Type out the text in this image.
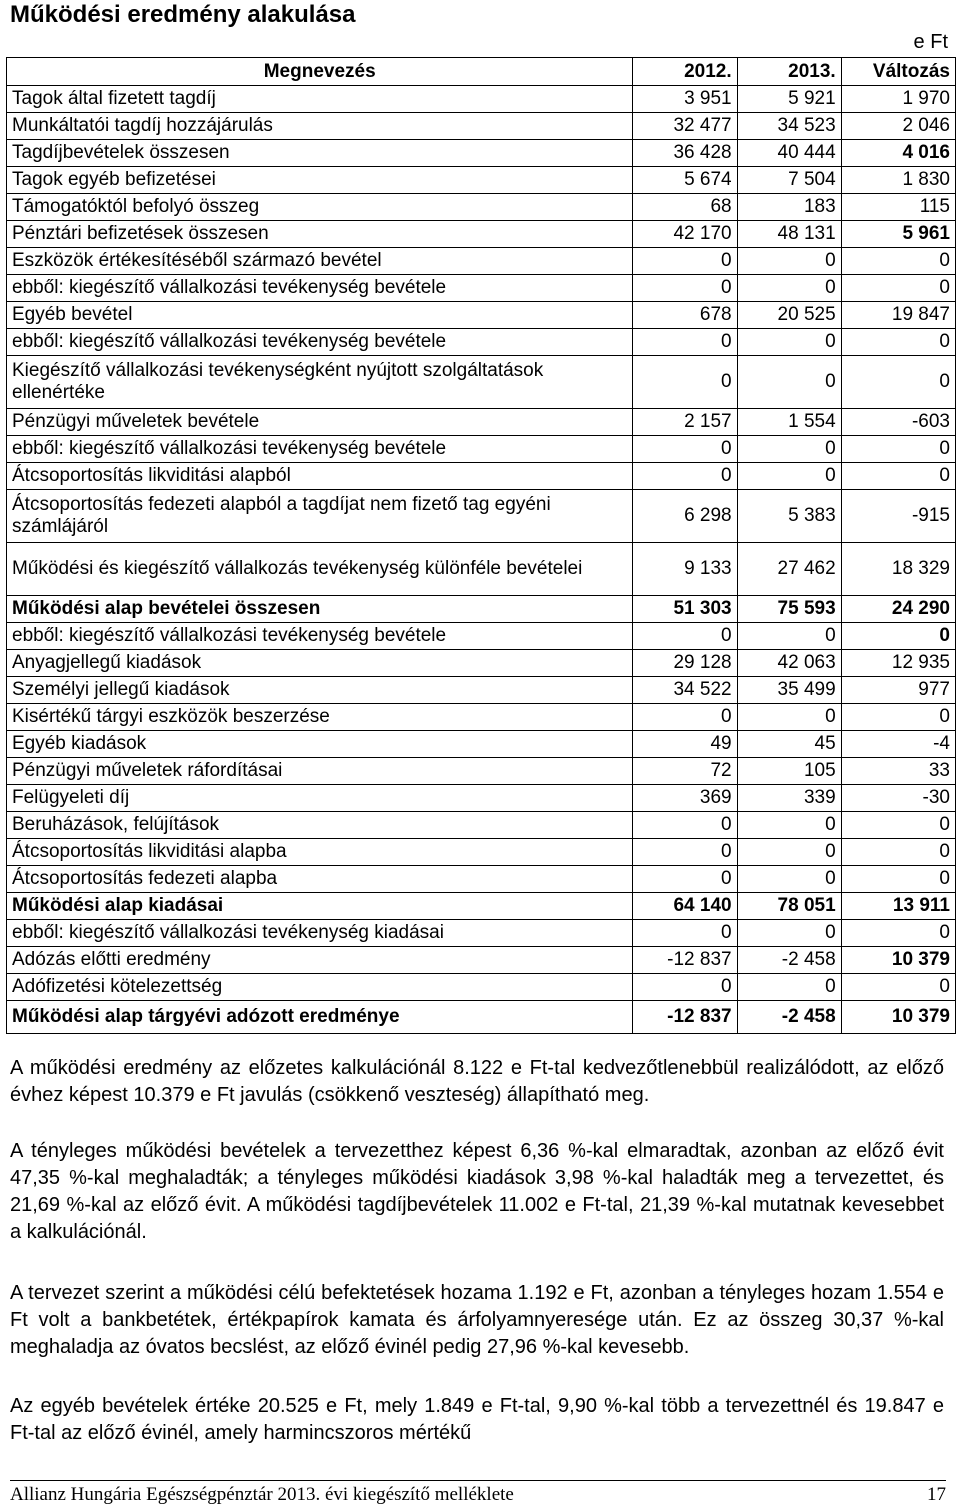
Működési eredmény alakulása
e Ft
Megnevezés	2012.	2013.	Változás
Tagok által fizetett tagdíj	3 951	5 921	1 970
Munkáltatói tagdíj hozzájárulás	32 477	34 523	2 046
Tagdíjbevételek összesen	36 428	40 444	4 016
Tagok egyéb befizetései	5 674	7 504	1 830
Támogatóktól befolyó összeg	68	183	115
Pénztári befizetések összesen	42 170	48 131	5 961
Eszközök értékesítéséből származó bevétel	0	0	0
ebből: kiegészítő vállalkozási tevékenység bevétele	0	0	0
Egyéb bevétel	678	20 525	19 847
ebből: kiegészítő vállalkozási tevékenység bevétele	0	0	0
Kiegészítő vállalkozási tevékenységként nyújtott szolgáltatások ellenértéke	0	0	0
Pénzügyi műveletek bevétele	2 157	1 554	-603
ebből: kiegészítő vállalkozási tevékenység bevétele	0	0	0
Átcsoportosítás likviditási alapból	0	0	0
Átcsoportosítás fedezeti alapból a tagdíjat nem fizető tag egyéni számlájáról	6 298	5 383	-915
Működési és kiegészítő vállalkozás tevékenység különféle bevételei	9 133	27 462	18 329
Működési alap bevételei összesen	51 303	75 593	24 290
ebből: kiegészítő vállalkozási tevékenység bevétele	0	0	0
Anyagjellegű kiadások	29 128	42 063	12 935
Személyi jellegű kiadások	34 522	35 499	977
Kisértékű tárgyi eszközök beszerzése	0	0	0
Egyéb kiadások	49	45	-4
Pénzügyi műveletek ráfordításai	72	105	33
Felügyeleti díj	369	339	-30
Beruházások, felújítások	0	0	0
Átcsoportosítás likviditási alapba	0	0	0
Átcsoportosítás fedezeti alapba	0	0	0
Működési alap kiadásai	64 140	78 051	13 911
ebből: kiegészítő vállalkozási tevékenység kiadásai	0	0	0
Adózás előtti eredmény	-12 837	-2 458	10 379
Adófizetési kötelezettség	0	0	0
Működési alap tárgyévi adózott eredménye	-12 837	-2 458	10 379
A működési eredmény az előzetes kalkulációnál 8.122 e Ft-tal kedvezőtlenebbül realizálódott, az előző évhez képest 10.379 e Ft javulás (csökkenő veszteség) állapítható meg.
A tényleges működési bevételek a tervezetthez képest 6,36 %-kal elmaradtak, azonban az előző évit 47,35 %-kal meghaladták; a tényleges működési kiadások 3,98 %-kal haladták meg a tervezettet, és 21,69 %-kal az előző évit. A működési tagdíjbevételek 11.002 e Ft-tal, 21,39 %-kal mutatnak kevesebbet a kalkulációnál.
A tervezet szerint a működési célú befektetések hozama 1.192 e Ft, azonban a tényleges hozam 1.554 e Ft volt a bankbetétek, értékpapírok kamata és árfolyamnyeresége után. Ez az összeg 30,37 %-kal meghaladja az óvatos becslést, az előző évinél pedig 27,96 %-kal kevesebb.
Az egyéb bevételek értéke 20.525 e Ft, mely 1.849 e Ft-tal, 9,90 %-kal több a tervezettnél és 19.847 e Ft-tal az előző évinél, amely harmincszoros mértékű
Allianz Hungária Egészségpénztár 2013. évi kiegészítő melléklete	17
